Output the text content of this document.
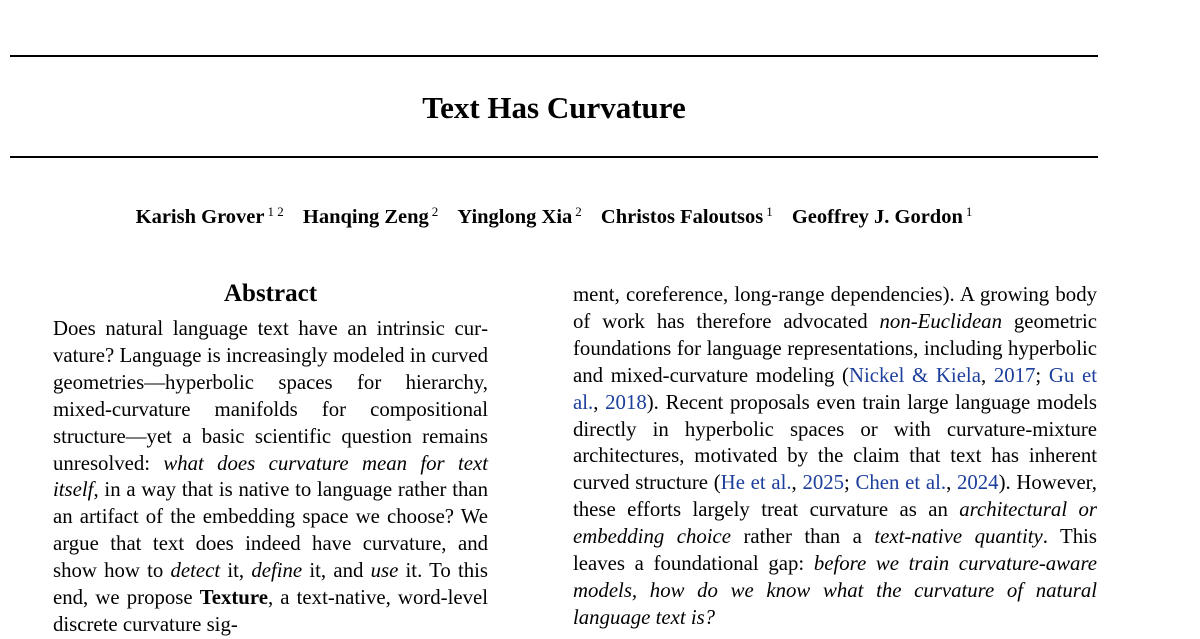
Text Has Curvature
Karish Grover $^{1 2}$ Hanqing Zeng $^2$ Yinglong Xia $^2$ Christos Faloutsos $^1$ Geoffrey J. Gordon $^1$
Abstract
Does natural language text have an intrinsic curvature? Language is increasingly modeled in curved geometries—hyperbolic spaces for hierarchy, mixed-curvature manifolds for compositional structure—yet a basic scientific question remains unresolved: what does curvature mean for text itself, in a way that is native to language rather than an artifact of the embedding space we choose? We argue that text does indeed have curvature, and show how to detect it, define it, and use it. To this end, we propose Texture, a text-native, word-level discrete curvature sig-
ment, coreference, long-range dependencies). A growing body of work has therefore advocated non-Euclidean geometric foundations for language representations, including hyperbolic and mixed-curvature modeling (Nickel & Kiela, 2017; Gu et al., 2018). Recent proposals even train large language models directly in hyperbolic spaces or with curvature-mixture architectures, motivated by the claim that text has inherent curved structure (He et al., 2025; Chen et al., 2024). However, these efforts largely treat curvature as an architectural or embedding choice rather than a text-native quantity. This leaves a foundational gap: before we train curvature-aware models, how do we know what the curvature of natural language text is?
